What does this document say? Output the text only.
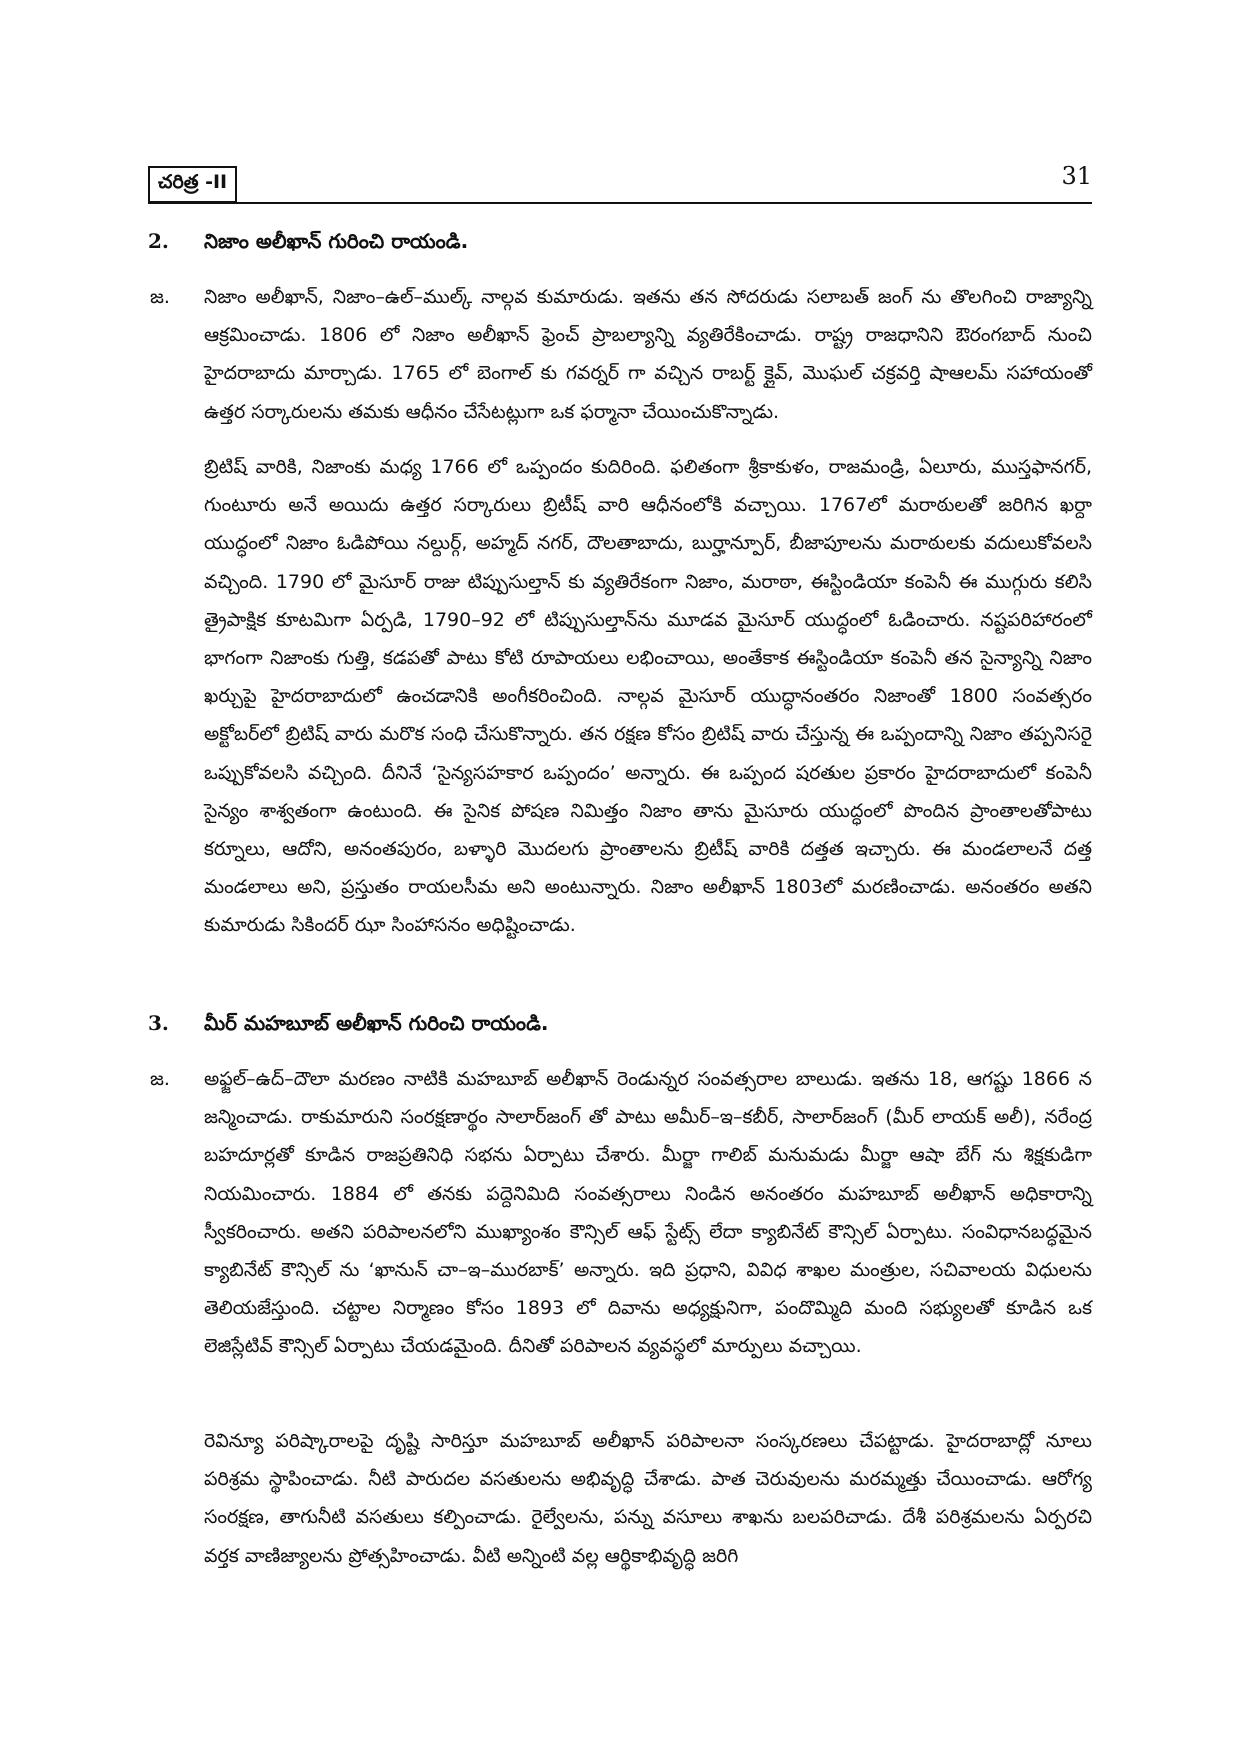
చరిత్ర -II	31
2. నిజాం అలీఖాన్ గురించి రాయండి.
జ. నిజాం అలీఖాన్, నిజాం–ఉల్–ముల్క్ నాల్గవ కుమారుడు. ఇతను తన సోదరుడు సలాబత్ జంగ్ ను తొలగించి రాజ్యాన్ని ఆక్రమించాడు. 1806 లో నిజాం అలీఖాన్ ఫ్రెంచ్ ప్రాబల్యాన్ని వ్యతిరేకించాడు. రాష్ట్ర రాజధానిని ఔరంగబాద్ నుంచి హైదరాబాదు మార్చాడు. 1765 లో బెంగాల్ కు గవర్నర్ గా వచ్చిన రాబర్ట్ క్లైవ్, మొఘల్ చక్రవర్తి షాఆలమ్ సహాయంతో ఉత్తర సర్కారులను తమకు ఆధీనం చేసేటట్లుగా ఒక ఫర్మానా చేయించుకొన్నాడు.

బ్రిటిష్ వారికి, నిజాంకు మధ్య 1766 లో ఒప్పందం కుదిరింది. ఫలితంగా శ్రీకాకుళం, రాజమండ్రి, ఏలూరు, ముస్తఫానగర్, గుంటూరు అనే అయిదు ఉత్తర సర్కారులు బ్రిటీష్ వారి ఆధీనంలోకి వచ్చాయి. 1767లో మరాఠులతో జరిగిన ఖర్దా యుద్ధంలో నిజాం ఓడిపోయి నల్దుర్గ్, అహ్మద్ నగర్, దౌలతాబాదు, బుర్హాన్పూర్, బీజాపూలను మరాఠులకు వదులుకోవలసి వచ్చింది. 1790 లో మైసూర్ రాజు టిప్పుసుల్తాన్ కు వ్యతిరేకంగా నిజాం, మరాఠా, ఈస్టిండియా కంపెనీ ఈ ముగ్గురు కలిసి త్రైపాక్షిక కూటమిగా ఏర్పడి, 1790–92 లో టిప్పుసుల్తాన్‌ను మూడవ మైసూర్ యుద్ధంలో ఓడించారు. నష్టపరిహారంలో భాగంగా నిజాంకు గుత్తి, కడపతో పాటు కోటి రూపాయలు లభించాయి, అంతేకాక ఈస్టిండియా కంపెనీ తన సైన్యాన్ని నిజాం ఖర్చుపై హైదరాబాదులో ఉంచడానికి అంగీకరించింది. నాల్గవ మైసూర్ యుద్ధానంతరం నిజాంతో 1800 సంవత్సరం అక్టోబర్‌లో బ్రిటిష్ వారు మరొక సంధి చేసుకొన్నారు. తన రక్షణ కోసం బ్రిటిష్ వారు చేస్తున్న ఈ ఒప్పందాన్ని నిజాం తప్పనిసరై ఒప్పుకోవలసి వచ్చింది. దీనినే ‘సైన్యసహకార ఒప్పందం’ అన్నారు. ఈ ఒప్పంద షరతుల ప్రకారం హైదరాబాదులో కంపెనీ సైన్యం శాశ్వతంగా ఉంటుంది. ఈ సైనిక పోషణ నిమిత్తం నిజాం తాను మైసూరు యుద్ధంలో పొందిన ప్రాంతాలతోపాటు కర్నూలు, ఆదోని, అనంతపురం, బళ్ళారి మొదలగు ప్రాంతాలను బ్రిటీష్ వారికి దత్తత ఇచ్చారు. ఈ మండలాలనే దత్త మండలాలు అని, ప్రస్తుతం రాయలసీమ అని అంటున్నారు. నిజాం అలీఖాన్ 1803లో మరణించాడు. అనంతరం అతని కుమారుడు సికిందర్ ఝా సింహాసనం అధిష్టించాడు.

3. మీర్ మహబూబ్ అలీఖాన్ గురించి రాయండి.
జ. అఫ్జల్–ఉద్–దౌలా మరణం నాటికి మహబూబ్ అలీఖాన్ రెండున్నర సంవత్సరాల బాలుడు. ఇతను 18, ఆగష్టు 1866 న జన్మించాడు. రాకుమారుని సంరక్షణార్థం సాలార్‌జంగ్ తో పాటు అమీర్–ఇ–కబీర్, సాలార్‌జంగ్ (మీర్ లాయక్ అలీ), నరేంద్ర బహదూర్లతో కూడిన రాజప్రతినిధి సభను ఏర్పాటు చేశారు. మీర్జా గాలిబ్ మనుమడు మీర్జా ఆషా బేగ్ ను శిక్షకుడిగా నియమించారు. 1884 లో తనకు పద్దెనిమిది సంవత్సరాలు నిండిన అనంతరం మహబూబ్ అలీఖాన్ అధికారాన్ని స్వీకరించారు. అతని పరిపాలనలోని ముఖ్యాంశం కౌన్సిల్ ఆఫ్ స్టేట్స్ లేదా క్యాబినేట్ కౌన్సిల్ ఏర్పాటు. సంవిధానబద్ధమైన క్యాబినేట్ కౌన్సిల్ ను ‘ఖానున్ చా–ఇ–మురబాక్’ అన్నారు. ఇది ప్రధాని, వివిధ శాఖల మంత్రుల, సచివాలయ విధులను తెలియజేస్తుంది. చట్టాల నిర్మాణం కోసం 1893 లో దివాను అధ్యక్షునిగా, పందొమ్మిది మంది సభ్యులతో కూడిన ఒక లెజిస్లేటివ్ కౌన్సిల్ ఏర్పాటు చేయడమైంది. దీనితో పరిపాలన వ్యవస్థలో మార్పులు వచ్చాయి.

రెవిన్యూ పరిష్కారాలపై దృష్టి సారిస్తూ మహబూబ్ అలీఖాన్ పరిపాలనా సంస్కరణలు చేపట్టాడు. హైదరాబాద్లో నూలు పరిశ్రమ స్థాపించాడు. నీటి పారుదల వసతులను అభివృద్ధి చేశాడు. పాత చెరువులను మరమ్మత్తు చేయించాడు. ఆరోగ్య సంరక్షణ, తాగునీటి వసతులు కల్పించాడు. రైల్వేలను, పన్ను వసూలు శాఖను బలపరిచాడు. దేశీ పరిశ్రమలను ఏర్పరచి వర్తక వాణిజ్యాలను ప్రోత్సహించాడు. వీటి అన్నింటి వల్ల ఆర్థికాభివృద్ధి జరిగి
